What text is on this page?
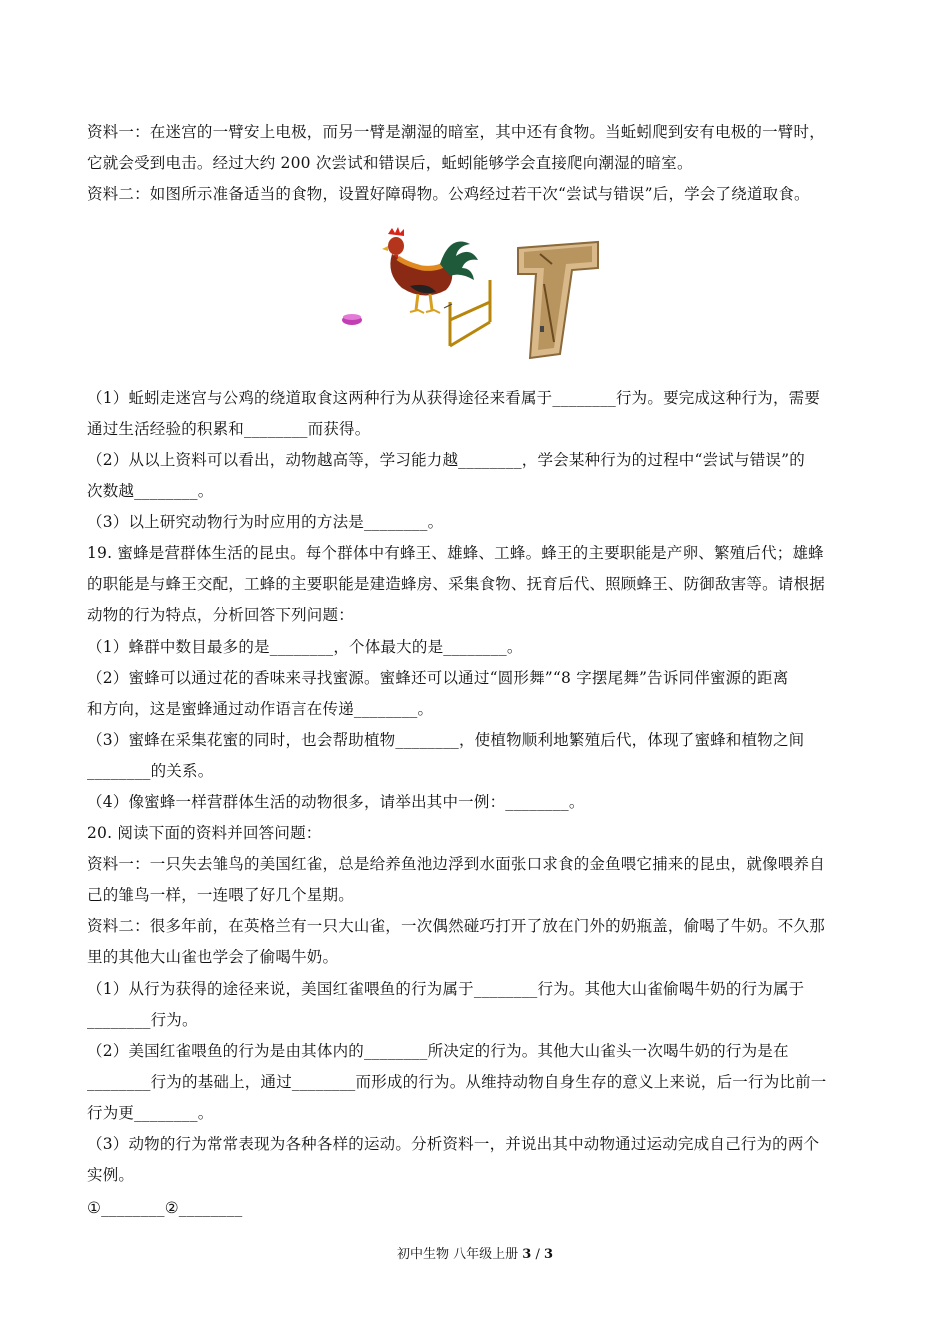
资料一：在迷宫的一臂安上电极，而另一臂是潮湿的暗室，其中还有食物。当蚯蚓爬到安有电极的一臂时，
它就会受到电击。经过大约 200 次尝试和错误后，蚯蚓能够学会直接爬向潮湿的暗室。
资料二：如图所示准备适当的食物，设置好障碍物。公鸡经过若干次“尝试与错误”后，学会了绕道取食。
（1）蚯蚓走迷宫与公鸡的绕道取食这两种行为从获得途径来看属于________行为。要完成这种行为，需要
通过生活经验的积累和________而获得。
（2）从以上资料可以看出，动物越高等，学习能力越________，学会某种行为的过程中“尝试与错误”的
次数越________。
（3）以上研究动物行为时应用的方法是________。
19. 蜜蜂是营群体生活的昆虫。每个群体中有蜂王、雄蜂、工蜂。蜂王的主要职能是产卵、繁殖后代；雄蜂
的职能是与蜂王交配，工蜂的主要职能是建造蜂房、采集食物、抚育后代、照顾蜂王、防御敌害等。请根据
动物的行为特点，分析回答下列问题：
（1）蜂群中数目最多的是________，个体最大的是________。
（2）蜜蜂可以通过花的香味来寻找蜜源。蜜蜂还可以通过“圆形舞”“8 字摆尾舞”告诉同伴蜜源的距离
和方向，这是蜜蜂通过动作语言在传递________。
（3）蜜蜂在采集花蜜的同时，也会帮助植物________，使植物顺利地繁殖后代，体现了蜜蜂和植物之间
________的关系。
（4）像蜜蜂一样营群体生活的动物很多，请举出其中一例：________。
20. 阅读下面的资料并回答问题：
资料一：一只失去雏鸟的美国红雀，总是给养鱼池边浮到水面张口求食的金鱼喂它捕来的昆虫，就像喂养自
己的雏鸟一样，一连喂了好几个星期。
资料二：很多年前，在英格兰有一只大山雀，一次偶然碰巧打开了放在门外的奶瓶盖，偷喝了牛奶。不久那
里的其他大山雀也学会了偷喝牛奶。
（1）从行为获得的途径来说，美国红雀喂鱼的行为属于________行为。其他大山雀偷喝牛奶的行为属于
________行为。
（2）美国红雀喂鱼的行为是由其体内的________所决定的行为。其他大山雀头一次喝牛奶的行为是在
________行为的基础上，通过________而形成的行为。从维持动物自身生存的意义上来说，后一行为比前一
行为更________。
（3）动物的行为常常表现为各种各样的运动。分析资料一，并说出其中动物通过运动完成自己行为的两个
实例。
①________②________
初中生物 八年级上册 3 / 3
